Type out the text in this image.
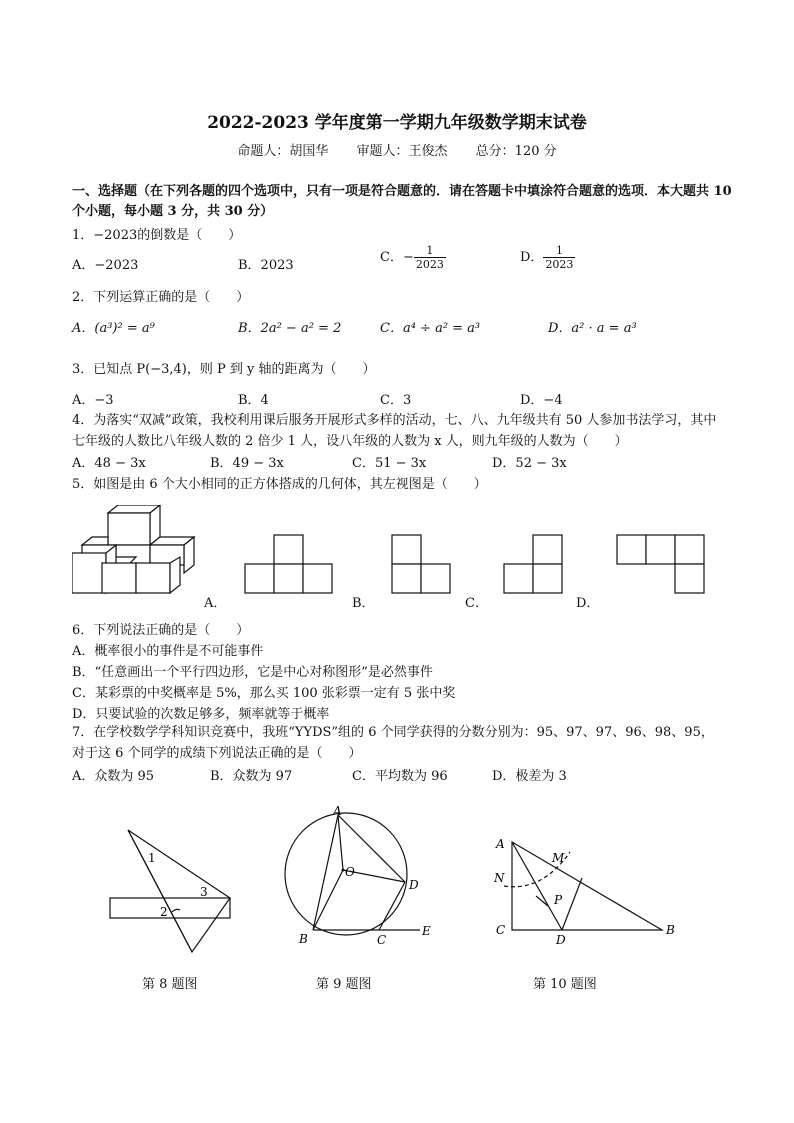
2022-2023 学年度第一学期九年级数学期末试卷
命题人：胡国华 审题人：王俊杰 总分：120 分
一、选择题（在下列各题的四个选项中，只有一项是符合题意的．请在答题卡中填涂符合题意的选项．本大题共 10 个小题，每小题 3 分，共 30 分）
1．−2023的倒数是（　　）
A．−2023	B．2023
C．− $\frac{1}{2023}$	D． $\frac{1}{2023}$
2．下列运算正确的是（　　）
A．(a³)² = a⁹	B．2a² − a² = 2	C．a⁴ ÷ a² = a³	D．a² · a = a³
3．已知点 P(−3,4)，则 P 到 y 轴的距离为（　　）
A．−3	B．4	C．3	D．−4
4．为落实“双减”政策，我校利用课后服务开展形式多样的活动，七、八、九年级共有 50 人参加书法学习，其中七年级的人数比八年级人数的 2 倍少 1 人，设八年级的人数为 x 人，则九年级的人数为（　　）
A．48 − 3x	B．49 − 3x	C．51 − 3x	D．52 − 3x
5．如图是由 6 个大小相同的正方体搭成的几何体，其左视图是（　　）
A．	B．	C．	D．
6．下列说法正确的是（　　）
A．概率很小的事件是不可能事件
B．“任意画出一个平行四边形，它是中心对称图形”是必然事件
C．某彩票的中奖概率是 5%，那么买 100 张彩票一定有 5 张中奖
D．只要试验的次数足够多，频率就等于概率
7．在学校数学学科知识竞赛中，我班“YYDS”组的 6 个同学获得的分数分别为：95、97、97、96、98、95，对于这 6 个同学的成绩下列说法正确的是（　　）
A．众数为 95	B．众数为 97	C．平均数为 96	D．极差为 3
1
2
3
第 8 题图
A
O
D
B	C
E
第 9 题图
A
M
N
P
C
D
B
第 10 题图
